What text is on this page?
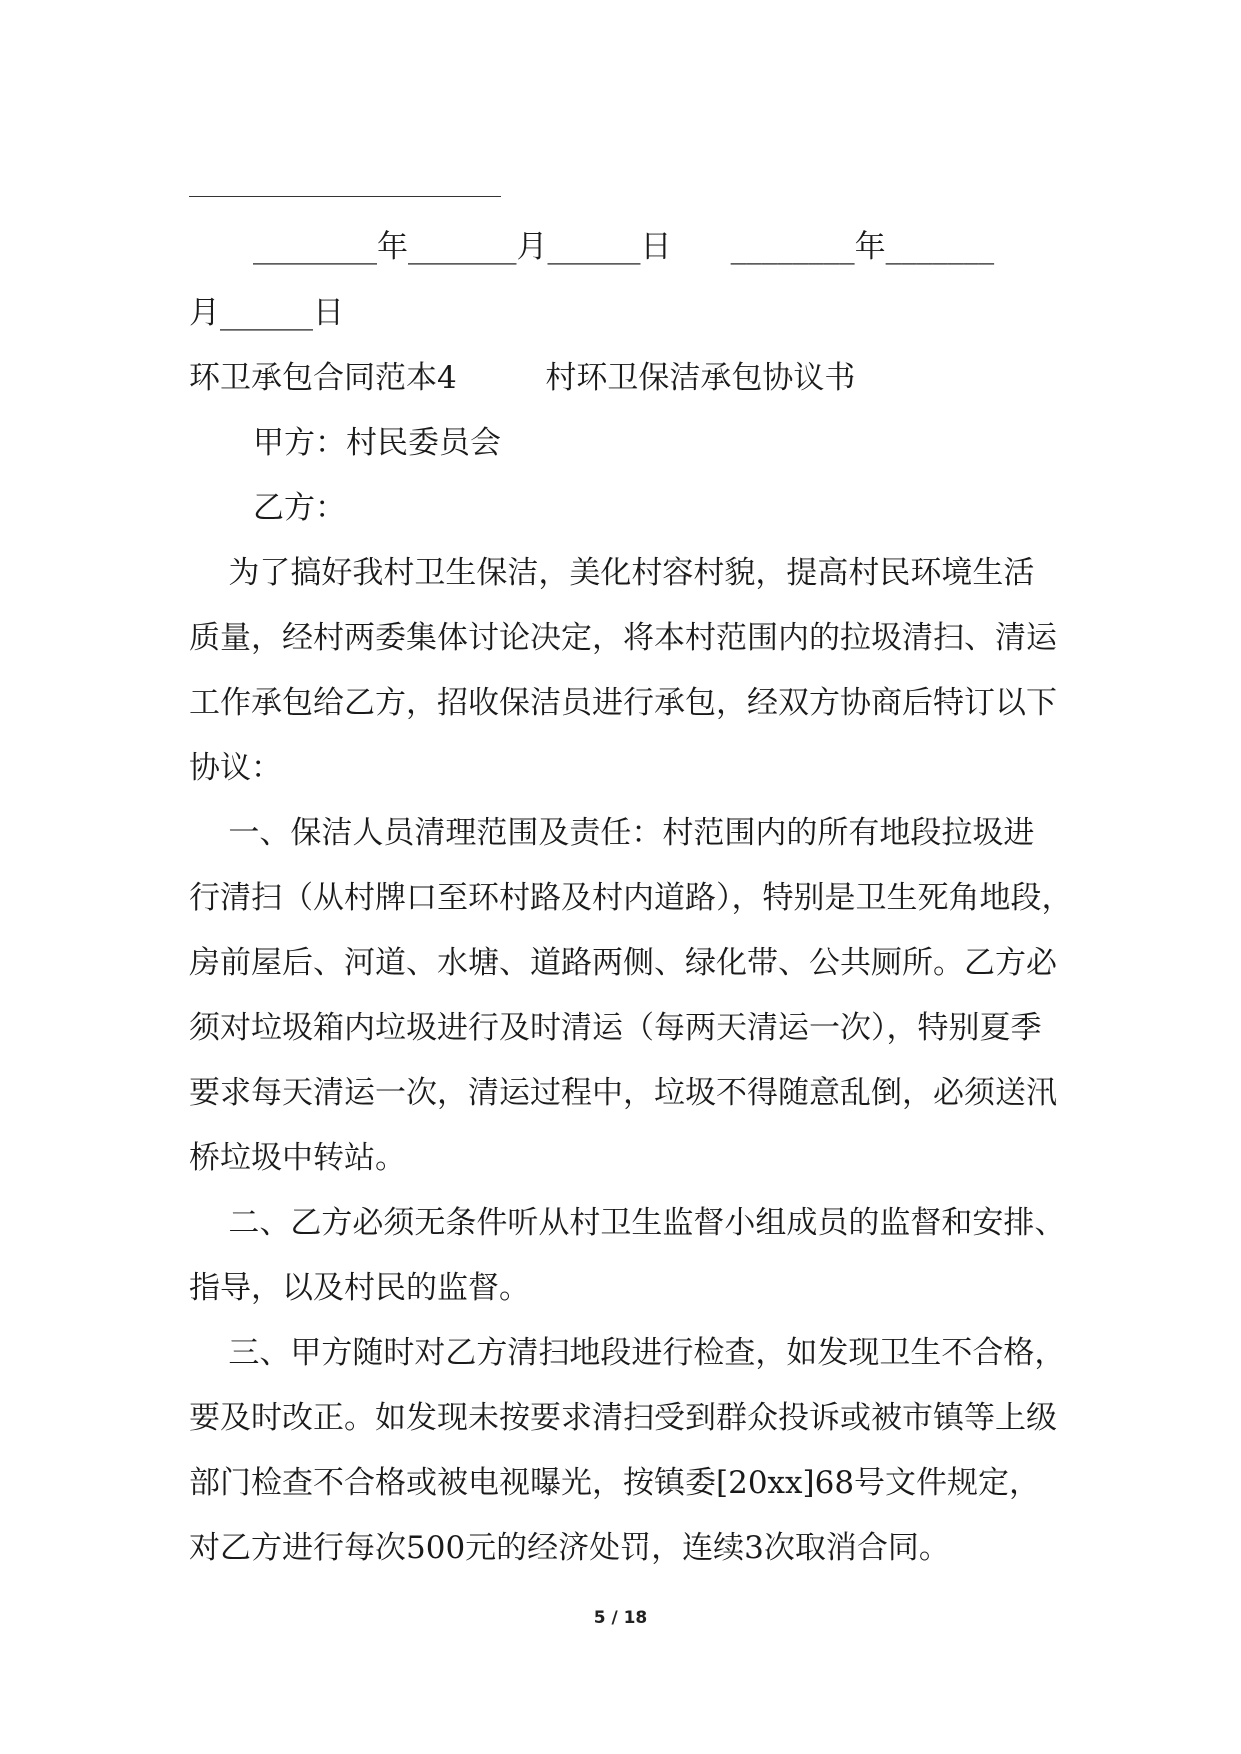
________年_______月______日      ________年_______
月______日
环卫承包合同范本4         村环卫保洁承包协议书
甲方：村民委员会
乙方：
为了搞好我村卫生保洁，美化村容村貌，提高村民环境生活
质量，经村两委集体讨论决定，将本村范围内的拉圾清扫、清运
工作承包给乙方，招收保洁员进行承包，经双方协商后特订以下
协议：
一、保洁人员清理范围及责任：村范围内的所有地段拉圾进
行清扫（从村牌口至环村路及村内道路），特别是卫生死角地段，
房前屋后、河道、水塘、道路两侧、绿化带、公共厕所。乙方必
须对垃圾箱内垃圾进行及时清运（每两天清运一次），特别夏季
要求每天清运一次，清运过程中，垃圾不得随意乱倒，必须送汛
桥垃圾中转站。
二、乙方必须无条件听从村卫生监督小组成员的监督和安排、
指导，以及村民的监督。
三、甲方随时对乙方清扫地段进行检查，如发现卫生不合格，
要及时改正。如发现未按要求清扫受到群众投诉或被市镇等上级
部门检查不合格或被电视曝光，按镇委[20xx]68号文件规定，
对乙方进行每次500元的经济处罚，连续3次取消合同。
5 / 18
